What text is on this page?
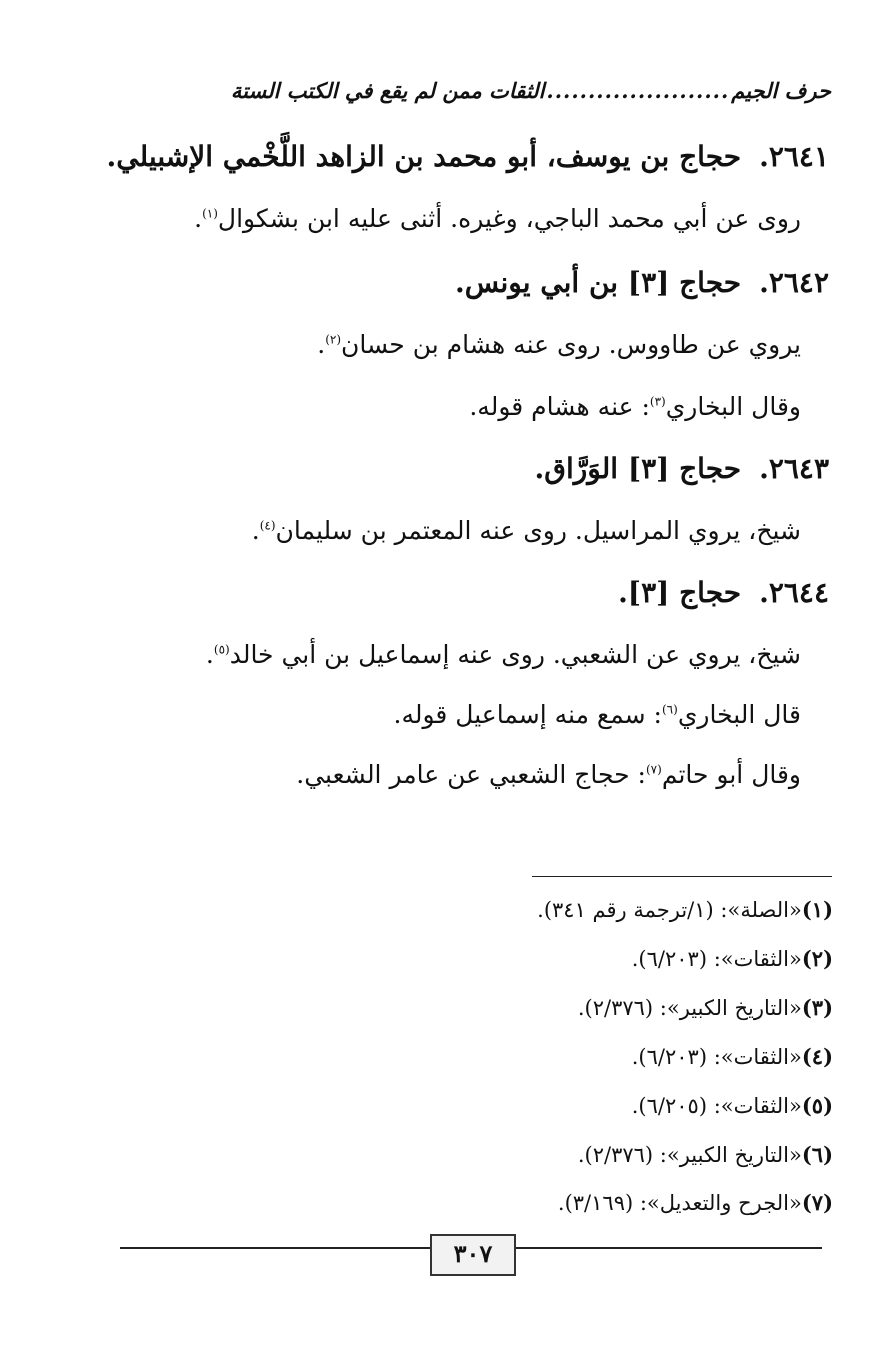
حرف الجيم
......................
الثقات ممن لم يقع في الكتب الستة
٢٦٤١.حجاج بن يوسف، أبو محمد بن الزاهد اللَّخْمي الإشبيلي.
روى عن أبي محمد الباجي، وغيره. أثنى عليه ابن بشكوال$^{(١)}$.
٢٦٤٢.حجاج [٣] بن أبي يونس.
يروي عن طاووس. روى عنه هشام بن حسان$^{(٢)}$.
وقال البخاري$^{(٣)}$: عنه هشام قوله.
٢٦٤٣.حجاج [٣] الوَرَّاق.
شيخ، يروي المراسيل. روى عنه المعتمر بن سليمان$^{(٤)}$.
٢٦٤٤.حجاج [٣].
شيخ، يروي عن الشعبي. روى عنه إسماعيل بن أبي خالد$^{(٥)}$.
قال البخاري$^{(٦)}$: سمع منه إسماعيل قوله.
وقال أبو حاتم$^{(٧)}$: حجاج الشعبي عن عامر الشعبي.
(١)«الصلة»: (١/ترجمة رقم ٣٤١).
(٢)«الثقات»: (٦/٢٠٣).
(٣)«التاريخ الكبير»: (٢/٣٧٦).
(٤)«الثقات»: (٦/٢٠٣).
(٥)«الثقات»: (٦/٢٠٥).
(٦)«التاريخ الكبير»: (٢/٣٧٦).
(٧)«الجرح والتعديل»: (٣/١٦٩).
٣٠٧
